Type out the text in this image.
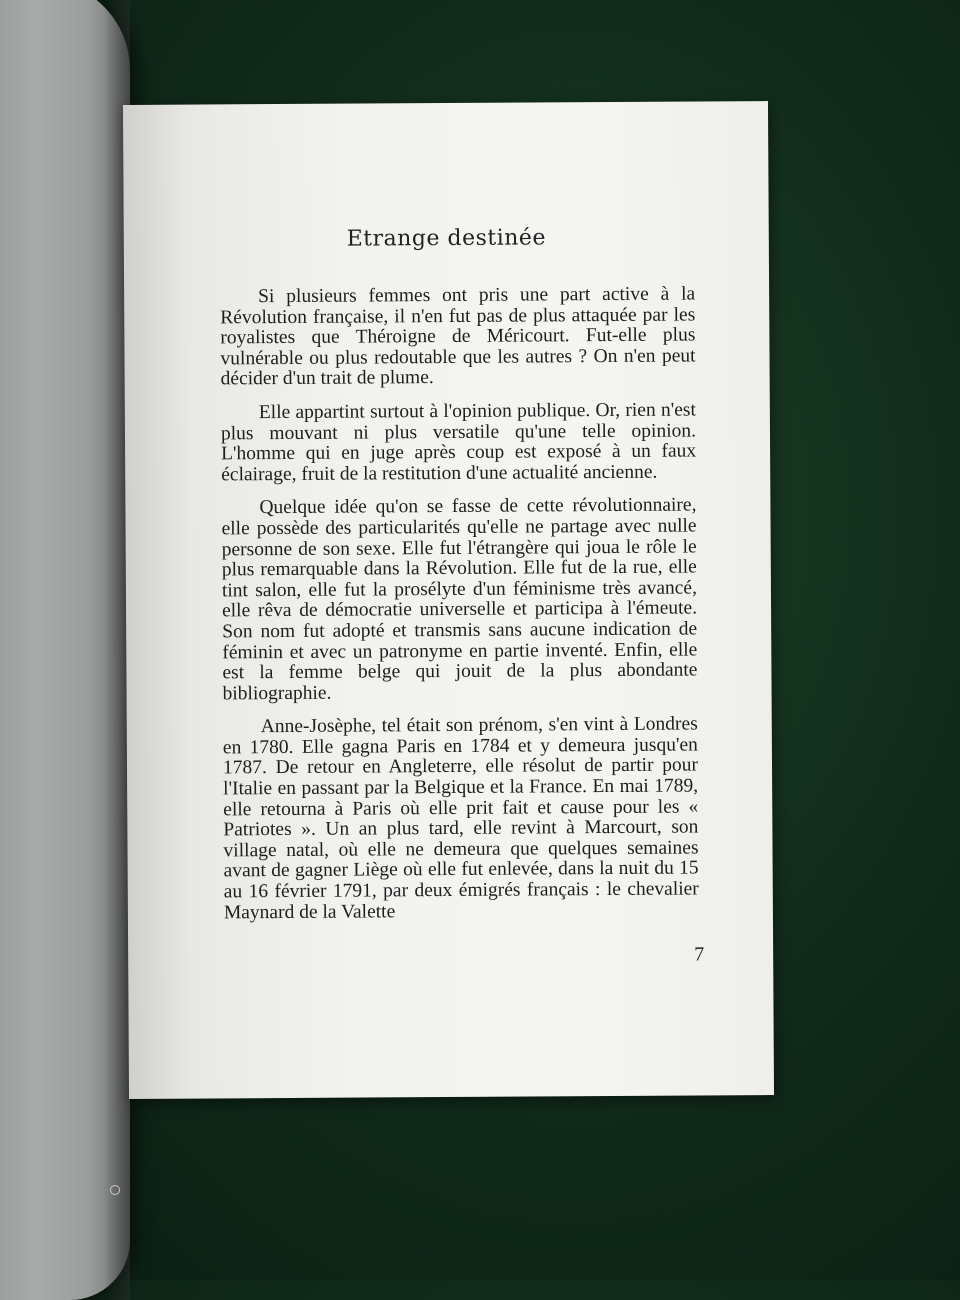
Etrange destinée

Si plusieurs femmes ont pris une part active à la Révolution française, il n'en fut pas de plus attaquée par les royalistes que Théroigne de Méricourt. Fut-elle plus vulnérable ou plus redoutable que les autres ? On n'en peut décider d'un trait de plume.

Elle appartint surtout à l'opinion publique. Or, rien n'est plus mouvant ni plus versatile qu'une telle opinion. L'homme qui en juge après coup est exposé à un faux éclairage, fruit de la restitution d'une actualité ancienne.

Quelque idée qu'on se fasse de cette révolutionnaire, elle possède des particularités qu'elle ne partage avec nulle personne de son sexe. Elle fut l'étrangère qui joua le rôle le plus remarquable dans la Révolution. Elle fut de la rue, elle tint salon, elle fut la prosélyte d'un féminisme très avancé, elle rêva de démocratie universelle et participa à l'émeute. Son nom fut adopté et transmis sans aucune indication de féminin et avec un patronyme en partie inventé. Enfin, elle est la femme belge qui jouit de la plus abondante bibliographie.

Anne-Josèphe, tel était son prénom, s'en vint à Londres en 1780. Elle gagna Paris en 1784 et y demeura jusqu'en 1787. De retour en Angleterre, elle résolut de partir pour l'Italie en passant par la Belgique et la France. En mai 1789, elle retourna à Paris où elle prit fait et cause pour les « Patriotes ». Un an plus tard, elle revint à Marcourt, son village natal, où elle ne demeura que quelques semaines avant de gagner Liège où elle fut enlevée, dans la nuit du 15 au 16 février 1791, par deux émigrés français : le chevalier Maynard de la Valette

7
